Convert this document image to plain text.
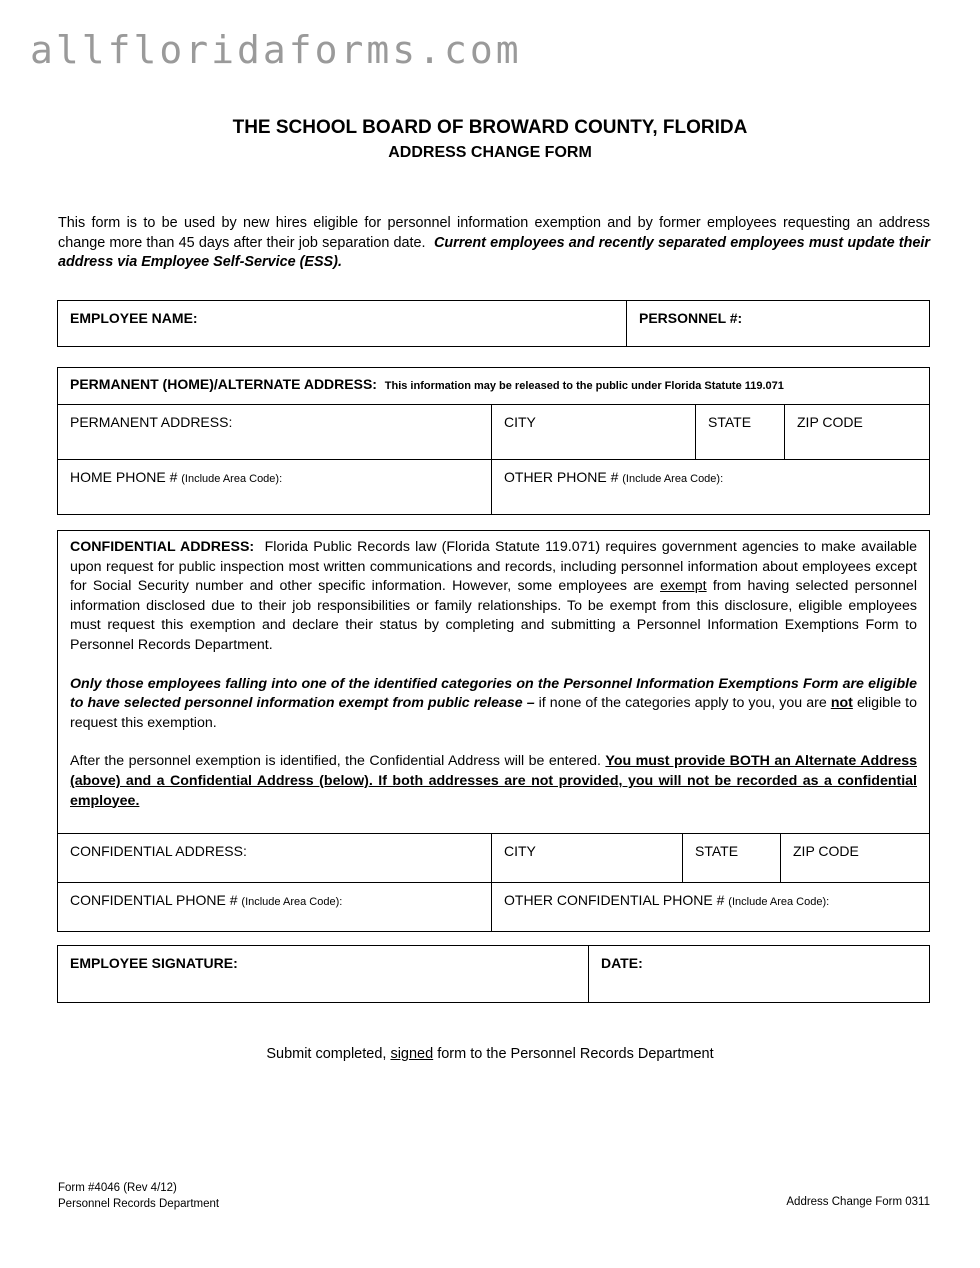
allfloridaforms.com
THE SCHOOL BOARD OF BROWARD COUNTY, FLORIDA
ADDRESS CHANGE FORM
This form is to be used by new hires eligible for personnel information exemption and by former employees requesting an address change more than 45 days after their job separation date. Current employees and recently separated employees must update their address via Employee Self-Service (ESS).
EMPLOYEE NAME:	PERSONNEL #:
PERMANENT (HOME)/ALTERNATE ADDRESS: This information may be released to the public under Florida Statute 119.071			
PERMANENT ADDRESS:	CITY	STATE	ZIP CODE
HOME PHONE # (Include Area Code):	OTHER PHONE # (Include Area Code):		

CONFIDENTIAL ADDRESS: Florida Public Records law (Florida Statute 119.071) requires government agencies to make available upon request for public inspection most written communications and records, including personnel information about employees except for Social Security number and other specific information. However, some employees are exempt from having selected personnel information disclosed due to their job responsibilities or family relationships. To be exempt from this disclosure, eligible employees must request this exemption and declare their status by completing and submitting a Personnel Information Exemptions Form to Personnel Records Department.

Only those employees falling into one of the identified categories on the Personnel Information Exemptions Form are eligible to have selected personnel information exempt from public release – if none of the categories apply to you, you are not eligible to request this exemption.

After the personnel exemption is identified, the Confidential Address will be entered. You must provide BOTH an Alternate Address (above) and a Confidential Address (below). If both addresses are not provided, you will not be recorded as a confidential employee.			

CONFIDENTIAL ADDRESS:	CITY	STATE	ZIP CODE
CONFIDENTIAL PHONE # (Include Area Code):	OTHER CONFIDENTIAL PHONE # (Include Area Code):		
EMPLOYEE SIGNATURE:	DATE:
Submit completed, signed form to the Personnel Records Department
Form #4046 (Rev 4/12)
Personnel Records Department	Address Change Form 0311
